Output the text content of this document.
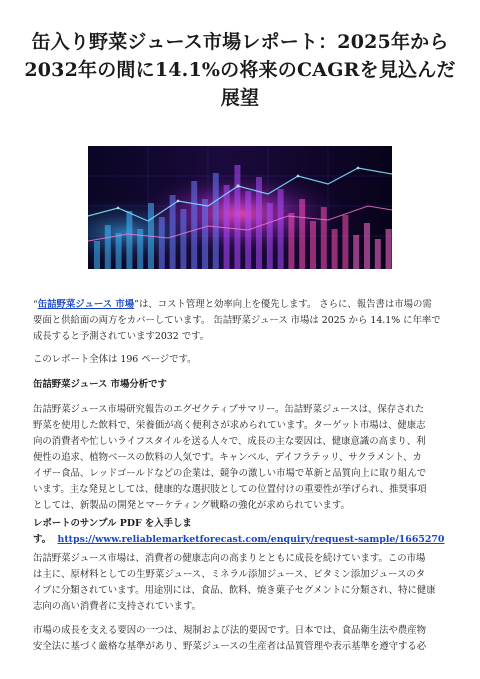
缶入り野菜ジュース市場レポート：2025年から
2032年の間に14.1%の将来のCAGRを見込んだ
展望

“缶詰野菜ジュース 市場”は、コスト管理と効率向上を優先します。 さらに、報告書は市場の需
要面と供給面の両方をカバーしています。 缶詰野菜ジュース 市場は 2025 から 14.1% に年率で
成長すると予測されています2032 です。

このレポート全体は 196 ページです。

缶詰野菜ジュース 市場分析です

缶詰野菜ジュース市場研究報告のエグゼクティブサマリー。缶詰野菜ジュースは、保存された
野菜を使用した飲料で、栄養価が高く便利さが求められています。ターゲット市場は、健康志
向の消費者や忙しいライフスタイルを送る人々で、成長の主な要因は、健康意識の高まり、利
便性の追求、植物ベースの飲料の人気です。キャンベル、デイフラテッリ、サクラメント、カ
イザー食品、レッドゴールドなどの企業は、競争の激しい市場で革新と品質向上に取り組んで
います。主な発見としては、健康的な選択肢としての位置付けの重要性が挙げられ、推奨事項
としては、新製品の開発とマーケティング戦略の強化が求められています。

レポートのサンプル PDF を入手しま
す。 https://www.reliablemarketforecast.com/enquiry/request-sample/1665270

缶詰野菜ジュース市場は、消費者の健康志向の高まりとともに成長を続けています。この市場
は主に、原材料としての生野菜ジュース、ミネラル添加ジュース、ビタミン添加ジュースのタ
イプに分類されています。用途別には、食品、飲料、焼き菓子セグメントに分類され、特に健康
志向の高い消費者に支持されています。

市場の成長を支える要因の一つは、規制および法的要因です。日本では、食品衛生法や農産物
安全法に基づく厳格な基準があり、野菜ジュースの生産者は品質管理や表示基準を遵守する必
